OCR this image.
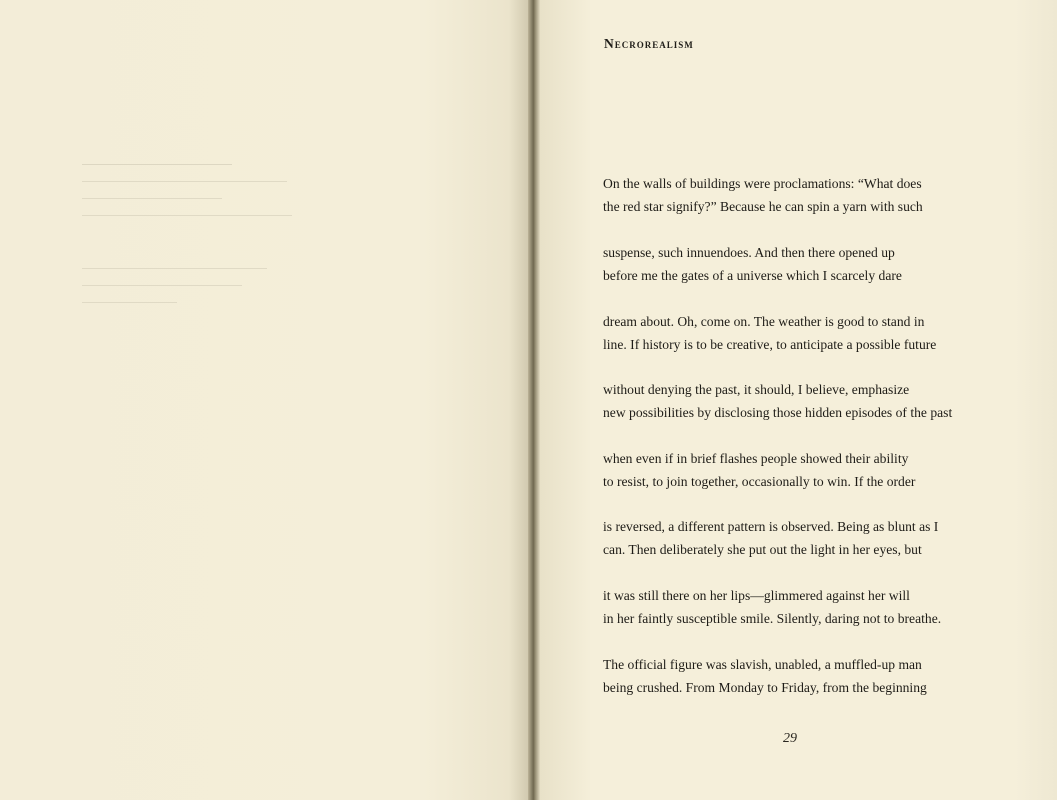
Necrorealism
On the walls of buildings were proclamations: “What does
the red star signify?” Because he can spin a yarn with such
suspense, such innuendoes. And then there opened up
before me the gates of a universe which I scarcely dare
dream about. Oh, come on. The weather is good to stand in
line. If history is to be creative, to anticipate a possible future
without denying the past, it should, I believe, emphasize
new possibilities by disclosing those hidden episodes of the past
when even if in brief flashes people showed their ability
to resist, to join together, occasionally to win. If the order
is reversed, a different pattern is observed. Being as blunt as I
can. Then deliberately she put out the light in her eyes, but
it was still there on her lips—glimmered against her will
in her faintly susceptible smile. Silently, daring not to breathe.
The official figure was slavish, unabled, a muffled-up man
being crushed. From Monday to Friday, from the beginning
29
